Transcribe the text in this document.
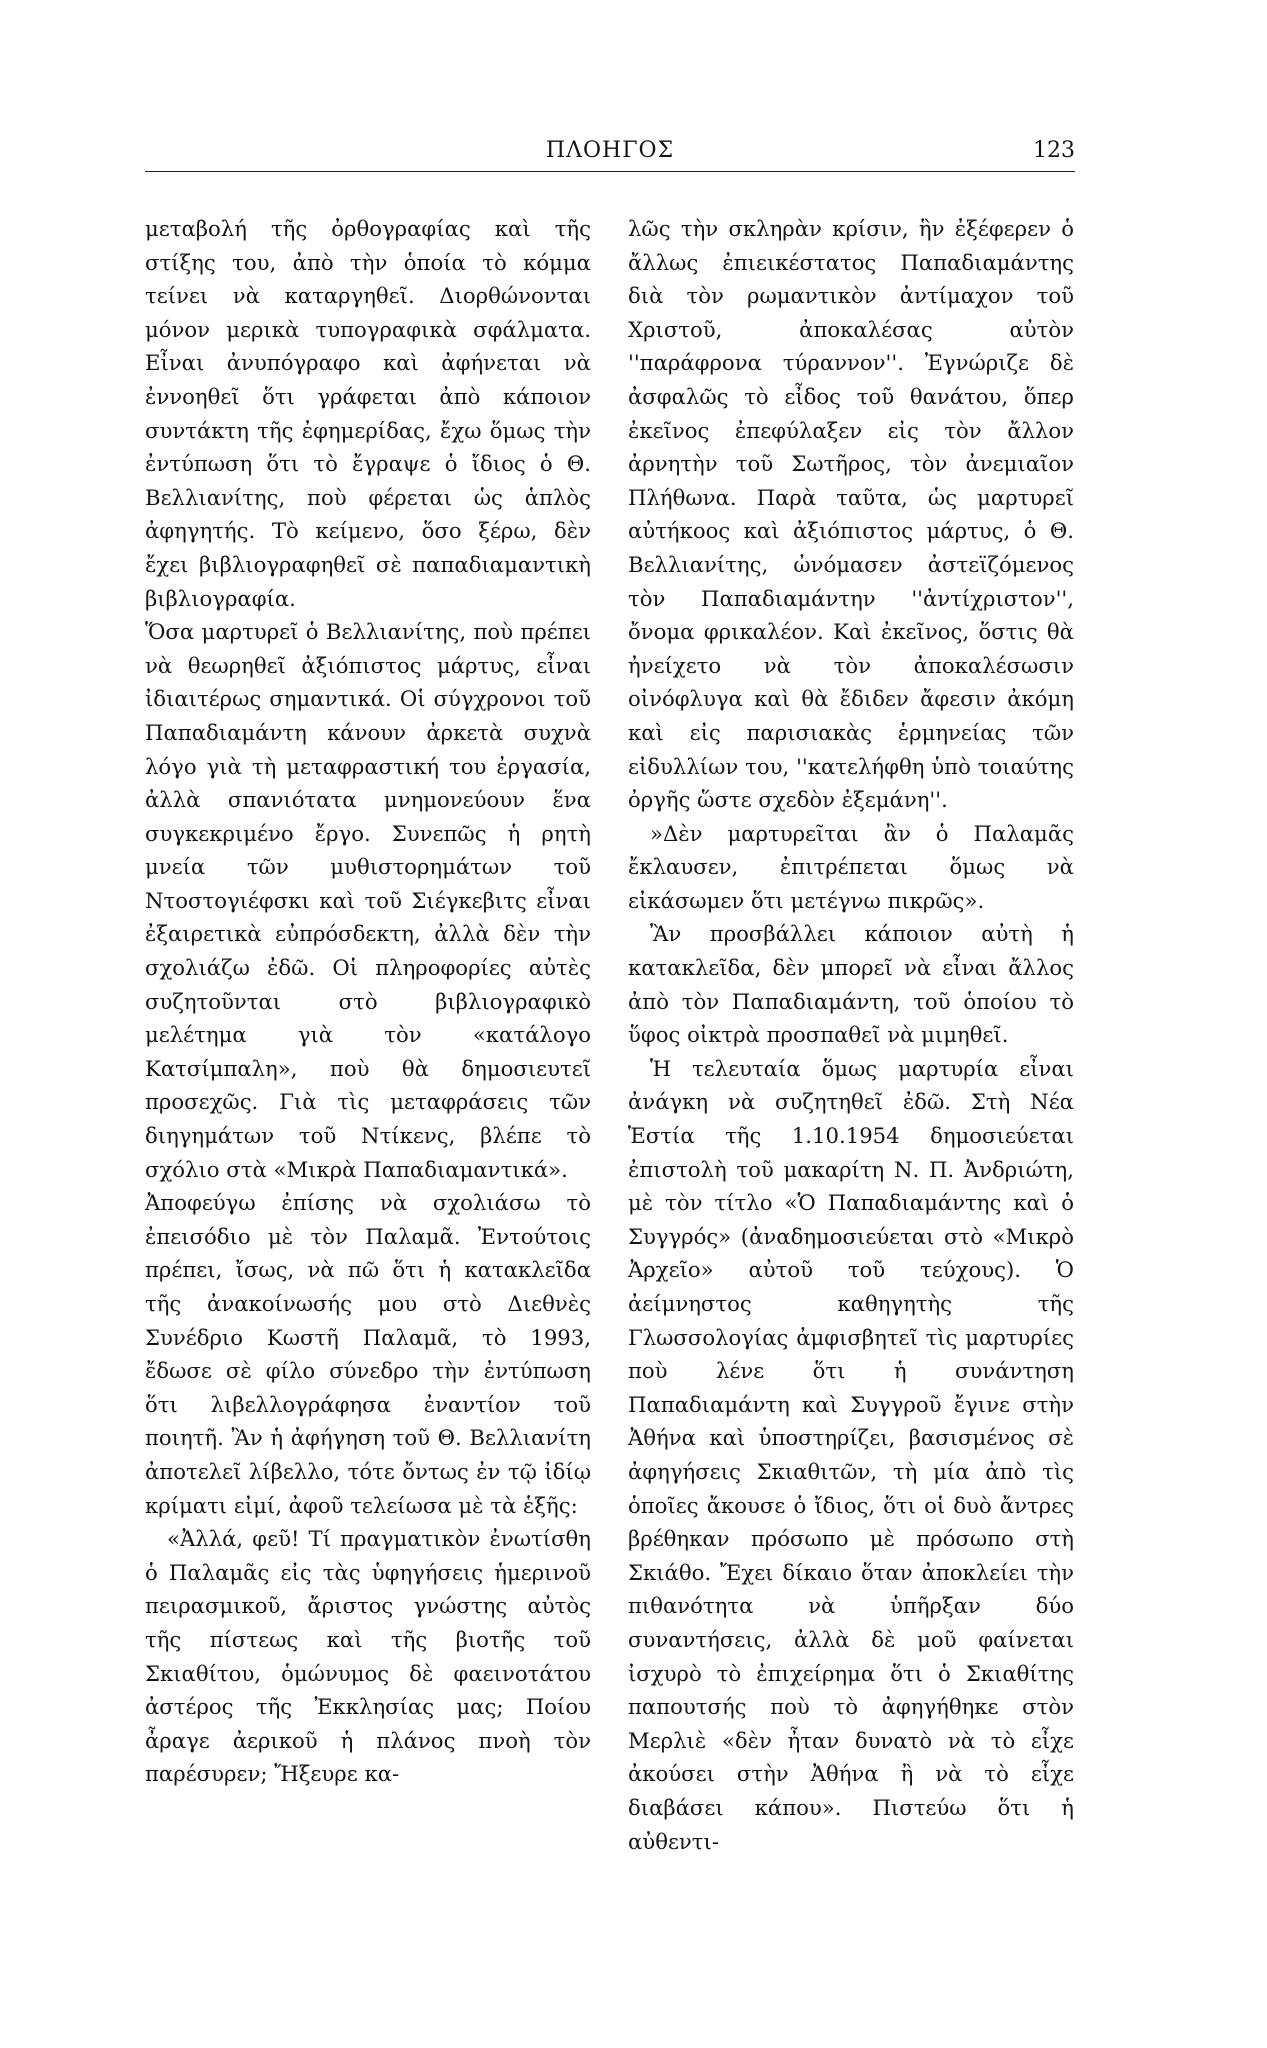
ΠΛΟΗΓΟΣ	123

μεταβολή τῆς ὀρθογραφίας καὶ τῆς στίξης του, ἀπὸ τὴν ὁποία τὸ κόμμα τείνει νὰ καταργηθεῖ. Διορθώνονται μόνον μερικὰ τυπογραφικὰ σφάλματα. Εἶναι ἀνυπόγραφο καὶ ἀφήνεται νὰ ἐννοηθεῖ ὅτι γράφεται ἀπὸ κάποιον συντάκτη τῆς ἐφημερίδας, ἔχω ὅμως τὴν ἐντύπωση ὅτι τὸ ἔγραψε ὁ ἴδιος ὁ Θ. Βελλιανίτης, ποὺ φέρεται ὡς ἁπλὸς ἀφηγητής. Τὸ κείμενο, ὅσο ξέρω, δὲν ἔχει βιβλιογραφηθεῖ σὲ παπαδιαμαντικὴ βιβλιογραφία.

Ὅσα μαρτυρεῖ ὁ Βελλιανίτης, ποὺ πρέπει νὰ θεωρηθεῖ ἀξιόπιστος μάρτυς, εἶναι ἰδιαιτέρως σημαντικά. Οἱ σύγχρονοι τοῦ Παπαδιαμάντη κάνουν ἀρκετὰ συχνὰ λόγο γιὰ τὴ μεταφραστική του ἐργασία, ἀλλὰ σπανιότατα μνημονεύουν ἕνα συγκεκριμένο ἔργο. Συνεπῶς ἡ ρητὴ μνεία τῶν μυθιστορημάτων τοῦ Ντοστογιέφσκι καὶ τοῦ Σιέγκεβιτς εἶναι ἐξαιρετικὰ εὐπρόσδεκτη, ἀλλὰ δὲν τὴν σχολιάζω ἐδῶ. Οἱ πληροφορίες αὐτὲς συζητοῦνται στὸ βιβλιογραφικὸ μελέτημα γιὰ τὸν «κατάλογο Κατσίμπαλη», ποὺ θὰ δημοσιευτεῖ προσεχῶς. Γιὰ τὶς μεταφράσεις τῶν διηγημάτων τοῦ Ντίκενς, βλέπε τὸ σχόλιο στὰ «Μικρὰ Παπαδιαμαντικά».

Ἀποφεύγω ἐπίσης νὰ σχολιάσω τὸ ἐπεισόδιο μὲ τὸν Παλαμᾶ. Ἐντούτοις πρέπει, ἴσως, νὰ πῶ ὅτι ἡ κατακλεῖδα τῆς ἀνακοίνωσής μου στὸ Διεθνὲς Συνέδριο Κωστῆ Παλαμᾶ, τὸ 1993, ἔδωσε σὲ φίλο σύνεδρο τὴν ἐντύπωση ὅτι λιβελλογράφησα ἐναντίον τοῦ ποιητῆ. Ἂν ἡ ἀφήγηση τοῦ Θ. Βελλιανίτη ἀποτελεῖ λίβελλο, τότε ὄντως ἐν τῷ ἰδίῳ κρίματι εἰμί, ἀφοῦ τελείωσα μὲ τὰ ἑξῆς:

«Ἀλλά, φεῦ! Τί πραγματικὸν ἐνωτίσθη ὁ Παλαμᾶς εἰς τὰς ὑφηγήσεις ἡμερινοῦ πειρασμικοῦ, ἄριστος γνώστης αὐτὸς τῆς πίστεως καὶ τῆς βιοτῆς τοῦ Σκιαθίτου, ὁμώνυμος δὲ φαεινοτάτου ἀστέρος τῆς Ἐκκλησίας μας; Ποίου ἆραγε ἀερικοῦ ἡ πλάνος πνοὴ τὸν παρέσυρεν; Ἤξευρε κα-

λῶς τὴν σκληρὰν κρίσιν, ἣν ἐξέφερεν ὁ ἄλλως ἐπιεικέστατος Παπαδιαμάντης διὰ τὸν ρωμαντικὸν ἀντίμαχον τοῦ Χριστοῦ, ἀποκαλέσας αὐτὸν ''παράφρονα τύραννον''. Ἐγνώριζε δὲ ἀσφαλῶς τὸ εἶδος τοῦ θανάτου, ὅπερ ἐκεῖνος ἐπεφύλαξεν εἰς τὸν ἄλλον ἀρνητὴν τοῦ Σωτῆρος, τὸν ἀνεμιαῖον Πλήθωνα. Παρὰ ταῦτα, ὡς μαρτυρεῖ αὐτήκοος καὶ ἀξιόπιστος μάρτυς, ὁ Θ. Βελλιανίτης, ὠνόμασεν ἀστεϊζόμενος τὸν Παπαδιαμάντην ''ἀντίχριστον'', ὄνομα φρικαλέον. Καὶ ἐκεῖνος, ὅστις θὰ ἠνείχετο νὰ τὸν ἀποκαλέσωσιν οἰνόφλυγα καὶ θὰ ἔδιδεν ἄφεσιν ἀκόμη καὶ εἰς παρισιακὰς ἑρμηνείας τῶν εἰδυλλίων του, ''κατελήφθη ὑπὸ τοιαύτης ὀργῆς ὥστε σχεδὸν ἐξεμάνη''.

»Δὲν μαρτυρεῖται ἂν ὁ Παλαμᾶς ἔκλαυσεν, ἐπιτρέπεται ὅμως νὰ εἰκάσωμεν ὅτι μετέγνω πικρῶς».

Ἂν προσβάλλει κάποιον αὐτὴ ἡ κατακλεῖδα, δὲν μπορεῖ νὰ εἶναι ἄλλος ἀπὸ τὸν Παπαδιαμάντη, τοῦ ὁποίου τὸ ὕφος οἰκτρὰ προσπαθεῖ νὰ μιμηθεῖ.

Ἡ τελευταία ὅμως μαρτυρία εἶναι ἀνάγκη νὰ συζητηθεῖ ἐδῶ. Στὴ Νέα Ἑστία τῆς 1.10.1954 δημοσιεύεται ἐπιστολὴ τοῦ μακαρίτη Ν. Π. Ἀνδριώτη, μὲ τὸν τίτλο «Ὁ Παπαδιαμάντης καὶ ὁ Συγγρός» (ἀναδημοσιεύεται στὸ «Μικρὸ Ἀρχεῖο» αὐτοῦ τοῦ τεύχους). Ὁ ἀείμνηστος καθηγητὴς τῆς Γλωσσολογίας ἀμφισβητεῖ τὶς μαρτυρίες ποὺ λένε ὅτι ἡ συνάντηση Παπαδιαμάντη καὶ Συγγροῦ ἔγινε στὴν Ἀθήνα καὶ ὑποστηρίζει, βασισμένος σὲ ἀφηγήσεις Σκιαθιτῶν, τὴ μία ἀπὸ τὶς ὁποῖες ἄκουσε ὁ ἴδιος, ὅτι οἱ δυὸ ἄντρες βρέθηκαν πρόσωπο μὲ πρόσωπο στὴ Σκιάθο. Ἔχει δίκαιο ὅταν ἀποκλείει τὴν πιθανότητα νὰ ὑπῆρξαν δύο συναντήσεις, ἀλλὰ δὲ μοῦ φαίνεται ἰσχυρὸ τὸ ἐπιχείρημα ὅτι ὁ Σκιαθίτης παπουτσής ποὺ τὸ ἀφηγήθηκε στὸν Μερλιὲ «δὲν ἦταν δυνατὸ νὰ τὸ εἶχε ἀκούσει στὴν Ἀθήνα ἢ νὰ τὸ εἶχε διαβάσει κάπου». Πιστεύω ὅτι ἡ αὐθεντι-
